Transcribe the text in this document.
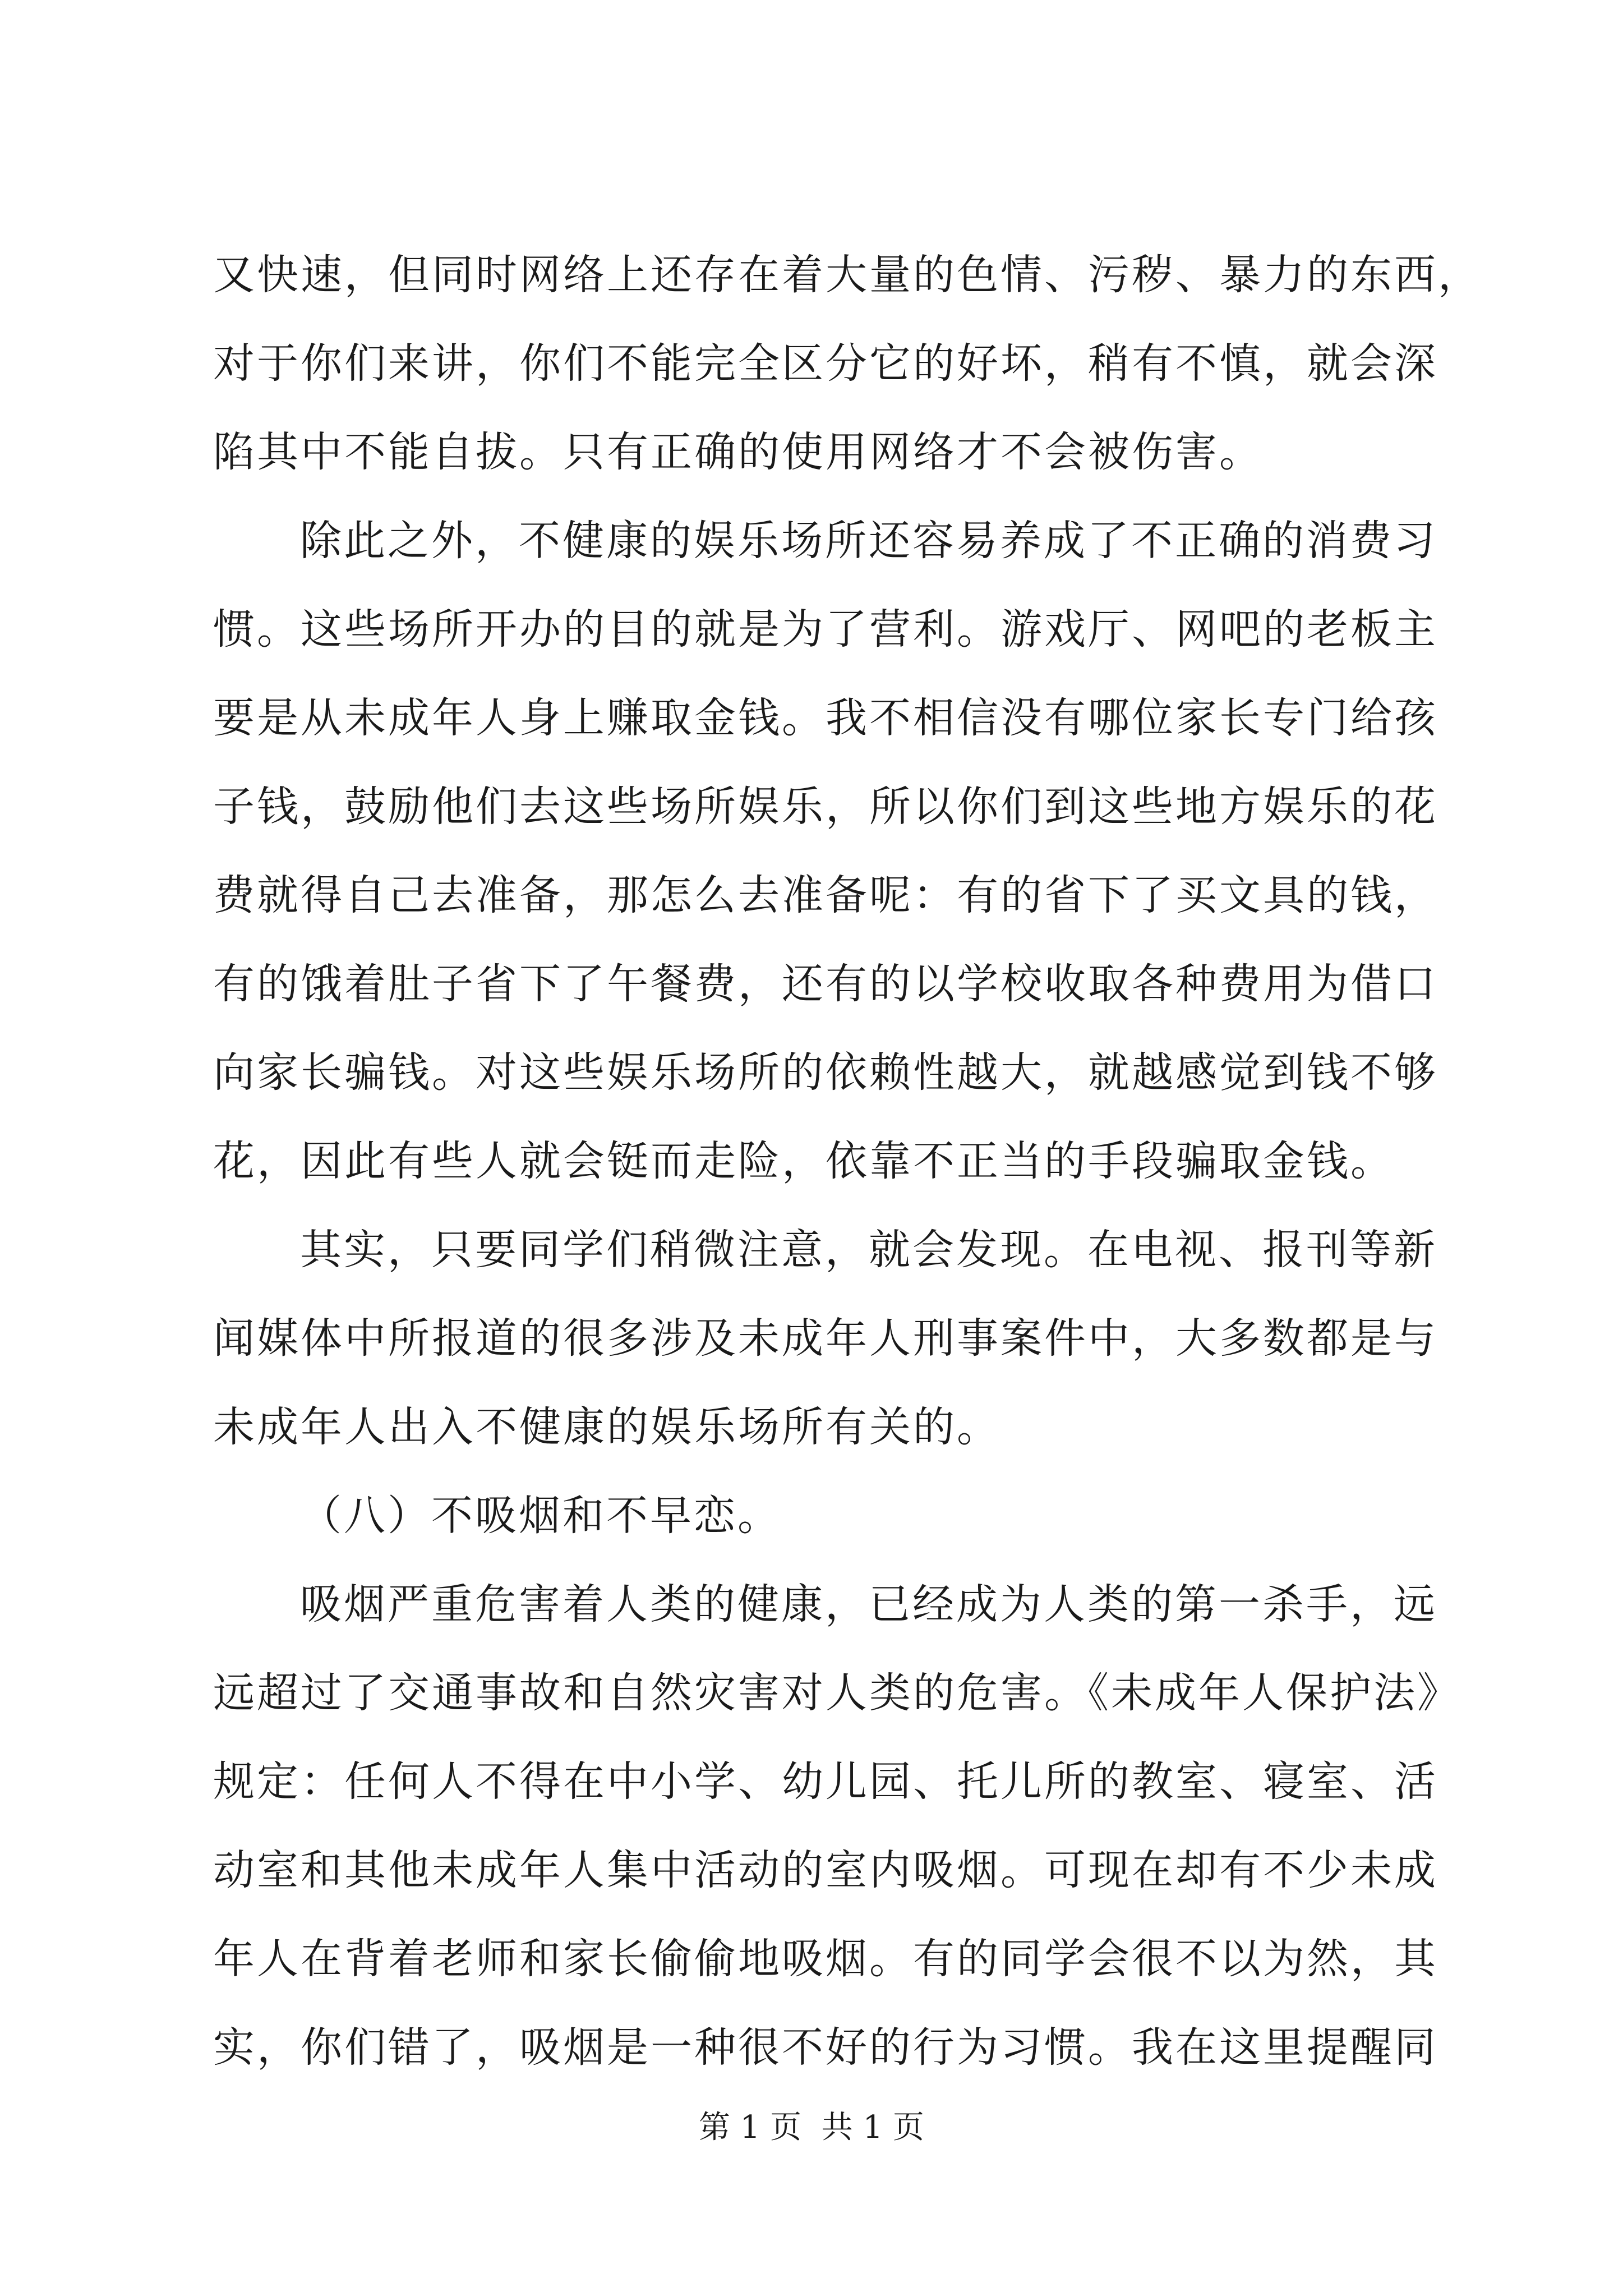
又快速，但同时网络上还存在着大量的色情、污秽、暴力的东西，
对于你们来讲，你们不能完全区分它的好坏，稍有不慎，就会深
陷其中不能自拔。只有正确的使用网络才不会被伤害。
除此之外，不健康的娱乐场所还容易养成了不正确的消费习
惯。这些场所开办的目的就是为了营利。游戏厅、网吧的老板主
要是从未成年人身上赚取金钱。我不相信没有哪位家长专门给孩
子钱，鼓励他们去这些场所娱乐，所以你们到这些地方娱乐的花
费就得自己去准备，那怎么去准备呢：有的省下了买文具的钱，
有的饿着肚子省下了午餐费，还有的以学校收取各种费用为借口
向家长骗钱。对这些娱乐场所的依赖性越大，就越感觉到钱不够
花，因此有些人就会铤而走险，依靠不正当的手段骗取金钱。
其实，只要同学们稍微注意，就会发现。在电视、报刊等新
闻媒体中所报道的很多涉及未成年人刑事案件中，大多数都是与
未成年人出入不健康的娱乐场所有关的。
（八）不吸烟和不早恋。
吸烟严重危害着人类的健康，已经成为人类的第一杀手，远
远超过了交通事故和自然灾害对人类的危害。《未成年人保护法》
规定：任何人不得在中小学、幼儿园、托儿所的教室、寝室、活
动室和其他未成年人集中活动的室内吸烟。可现在却有不少未成
年人在背着老师和家长偷偷地吸烟。有的同学会很不以为然，其
实，你们错了，吸烟是一种很不好的行为习惯。我在这里提醒同
第 1 页  共 1 页
